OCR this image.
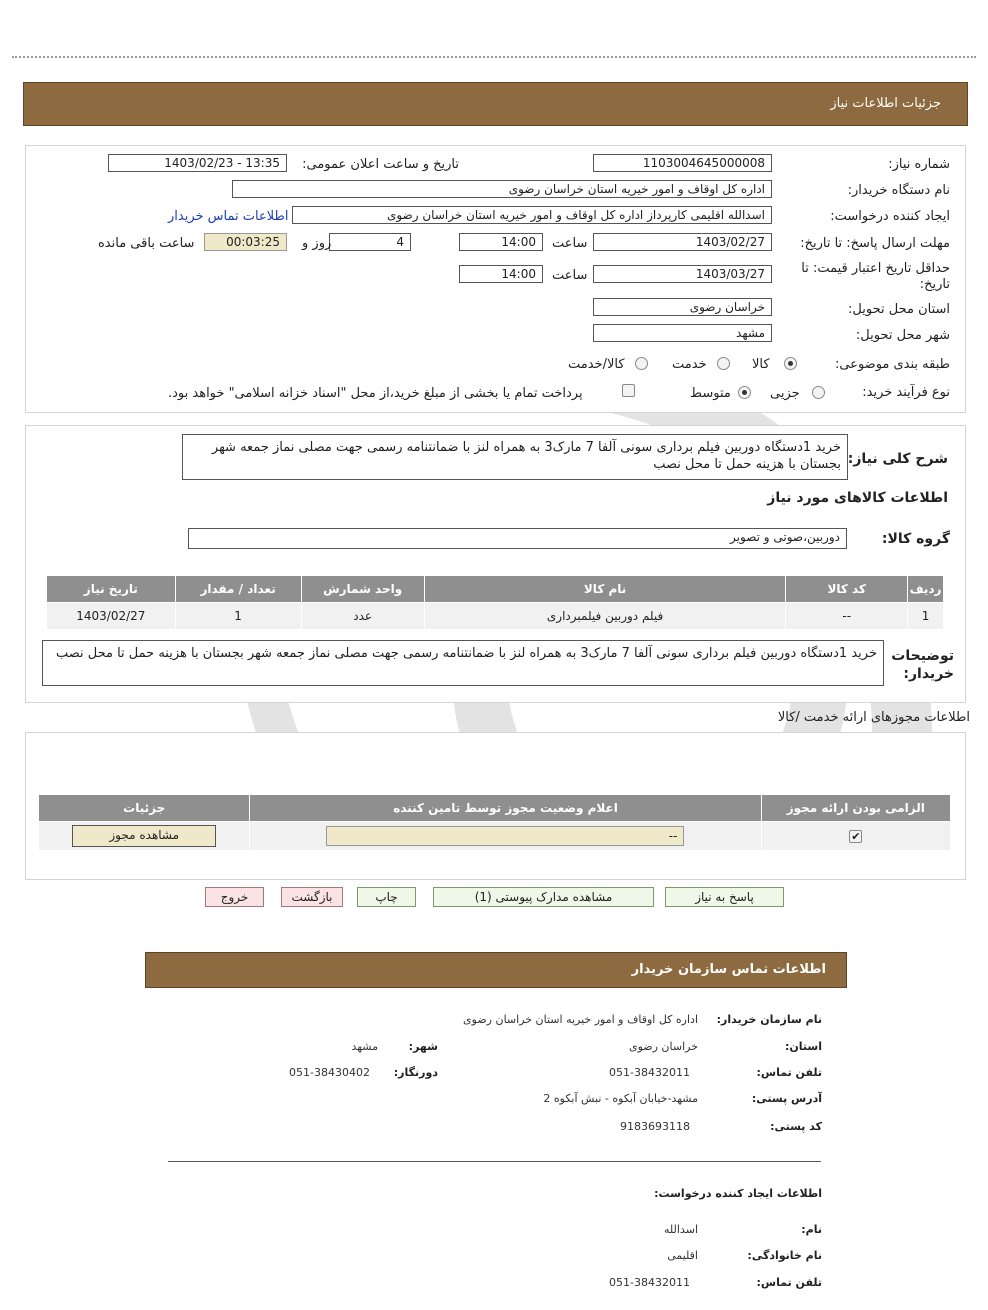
جزئیات اطلاعات نیاز
شماره نیاز:
1103004645000008
تاریخ و ساعت اعلان عمومی:
1403/02/23 - 13:35
نام دستگاه خریدار:
اداره کل اوقاف و امور خیریه استان خراسان رضوی
ایجاد کننده درخواست:
اسدالله اقلیمی کارپرداز اداره کل اوقاف و امور خیریه استان خراسان رضوی
اطلاعات تماس خریدار
مهلت ارسال پاسخ: تا تاریخ:
1403/02/27
ساعت
14:00
4
روز و
00:03:25
ساعت باقی مانده
حداقل تاریخ اعتبار قیمت: تا تاریخ:
1403/03/27
ساعت
14:00
استان محل تحویل:
خراسان رضوی
شهر محل تحویل:
مشهد
طبقه بندی موضوعی:
کالا
خدمت
کالا/خدمت
نوع فرآیند خرید:
جزیی
متوسط
پرداخت تمام یا بخشی از مبلغ خرید،از محل "اسناد خزانه اسلامی" خواهد بود.
شرح کلی نیاز:
خرید 1دستگاه دوربین فیلم برداری سونی آلفا 7 مارک3 به همراه لنز با ضمانتنامه رسمی جهت مصلی نماز جمعه شهر بجستان با هزینه حمل تا محل نصب
اطلاعات کالاهای مورد نیاز
گروه کالا:
دوربین،صوتی و تصویر
ردیف	کد کالا	نام کالا	واحد شمارش	تعداد / مقدار	تاریخ نیاز
1	--	فیلم دوربین فیلمبرداری	عدد	1	1403/02/27
توضیحات خریدار:
خرید 1دستگاه دوربین فیلم برداری سونی آلفا 7 مارک3 به همراه لنز با ضمانتنامه رسمی جهت مصلی نماز جمعه شهر بجستان با هزینه حمل تا محل نصب
اطلاعات مجوزهای ارائه خدمت /کالا
الزامی بودن ارائه مجوز	اعلام وضعیت مجوز توسط تامین کننده	جزئیات
✔	--	مشاهده مجوز
پاسخ به نیاز
مشاهده مدارک پیوستی (1)
چاپ
بازگشت
خروج
اطلاعات تماس سازمان خریدار
نام سازمان خریدار:
اداره کل اوقاف و امور خیریه استان خراسان رضوی
استان:
خراسان رضوی
شهر:
مشهد
تلفن تماس:
051-38432011
دورنگار:
051-38430402
آدرس پستی:
مشهد-خیابان آبکوه - نبش آبکوه 2
کد پستی:
9183693118
اطلاعات ایجاد کننده درخواست:
نام:
اسدالله
نام خانوادگی:
اقلیمی
تلفن تماس:
051-38432011
